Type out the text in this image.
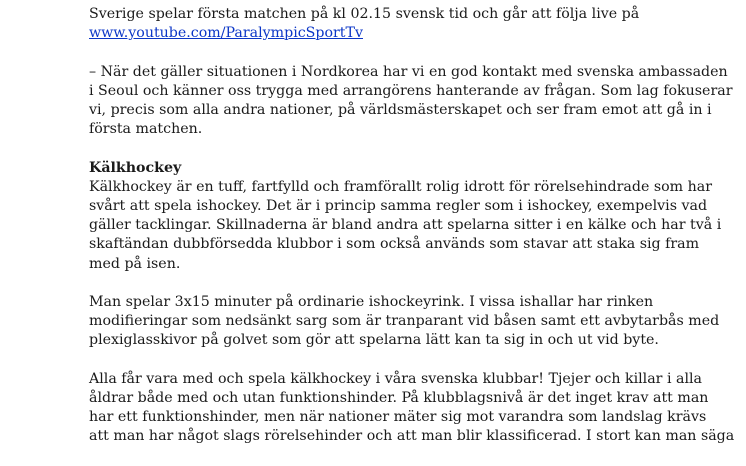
Sverige spelar första matchen på kl 02.15 svensk tid och går att följa live på
www.youtube.com/ParalympicSportTv

– När det gäller situationen i Nordkorea har vi en god kontakt med svenska ambassaden
i Seoul och känner oss trygga med arrangörens hanterande av frågan. Som lag fokuserar
vi, precis som alla andra nationer, på världsmästerskapet och ser fram emot att gå in i
första matchen.

Kälkhockey
Kälkhockey är en tuff, fartfylld och framförallt rolig idrott för rörelsehindrade som har
svårt att spela ishockey. Det är i princip samma regler som i ishockey, exempelvis vad
gäller tacklingar. Skillnaderna är bland andra att spelarna sitter i en kälke och har två i
skaftändan dubbförsedda klubbor i som också används som stavar att staka sig fram
med på isen.

Man spelar 3x15 minuter på ordinarie ishockeyrink. I vissa ishallar har rinken
modifieringar som nedsänkt sarg som är tranparant vid båsen samt ett avbytarbås med
plexiglasskivor på golvet som gör att spelarna lätt kan ta sig in och ut vid byte.

Alla får vara med och spela kälkhockey i våra svenska klubbar! Tjejer och killar i alla
åldrar både med och utan funktionshinder. På klubblagsnivå är det inget krav att man
har ett funktionshinder, men när nationer mäter sig mot varandra som landslag krävs
att man har något slags rörelsehinder och att man blir klassificerad. I stort kan man säga
